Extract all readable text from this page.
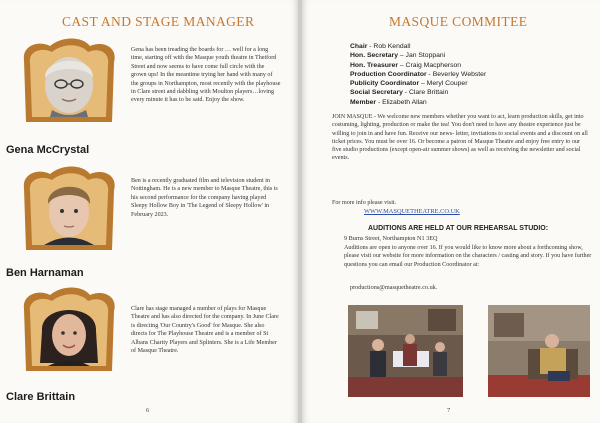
CAST AND STAGE MANAGER
Gena McCrystal
Gena has been treading the boards for … well for a long time, starting off with the Masque youth theatre in Thetford Street and now seems to have come full circle with the grown ups! In the meantime trying her hand with many of the groups in Northampton, most recently with the playhouse in Clare street and dabbling with Moulton players…loving every minute it has to be said. Enjoy the show.
Ben Harnaman
Ben is a recently graduated film and television student in Nottingham. He is a new member to Masque Theatre, this is his second performance for the company having played Sleepy Hollow Boy in 'The Legend of Sleepy Hollow' in February 2023.
Clare Brittain
Clare has stage managed a number of plays for Masque Theatre and has also directed for the company. In June Clare is directing 'Our Country's Good' for Masque. She also directs for The Playhouse Theatre and is a member of St Albans Charity Players and Splinters. She is a Life Member of Masque Theatre.
6
MASQUE COMMITEE
Chair - Rob Kendall
Hon. Secretary – Jan Stoppani
Hon. Treasurer – Craig Macpherson
Production Coordinator - Beverley Webster
Publicity Coordinator – Meryl Couper
Social Secretary - Clare Brittain
Member - Elizabeth Allan
JOIN MASQUE - We welcome new members whether you want to act, learn production skills, get into costuming, lighting, production or make the tea! You don't need to have any theatre experience just be willing to join in and have fun. Receive our news- letter, invitations to social events and a discount on all ticket prices. You must be over 16. Or become a patron of Masque Theatre and enjoy free entry to our five studio productions (except open-air summer shows) as well as receiving the newsletter and social events.
For more info please visit.
WWW.MASQUETHEATRE.CO.UK
AUDITIONS ARE HELD AT OUR REHEARSAL STUDIO:
9 Burns Street, Northampton N1 3EQ
Auditions are open to anyone over 16. If you would like to know more about a forthcoming show, please visit our website for more information on the characters / casting and story. If you have further questions you can email our Production Coordinator at:
productions@masquetheatre.co.uk.
7
